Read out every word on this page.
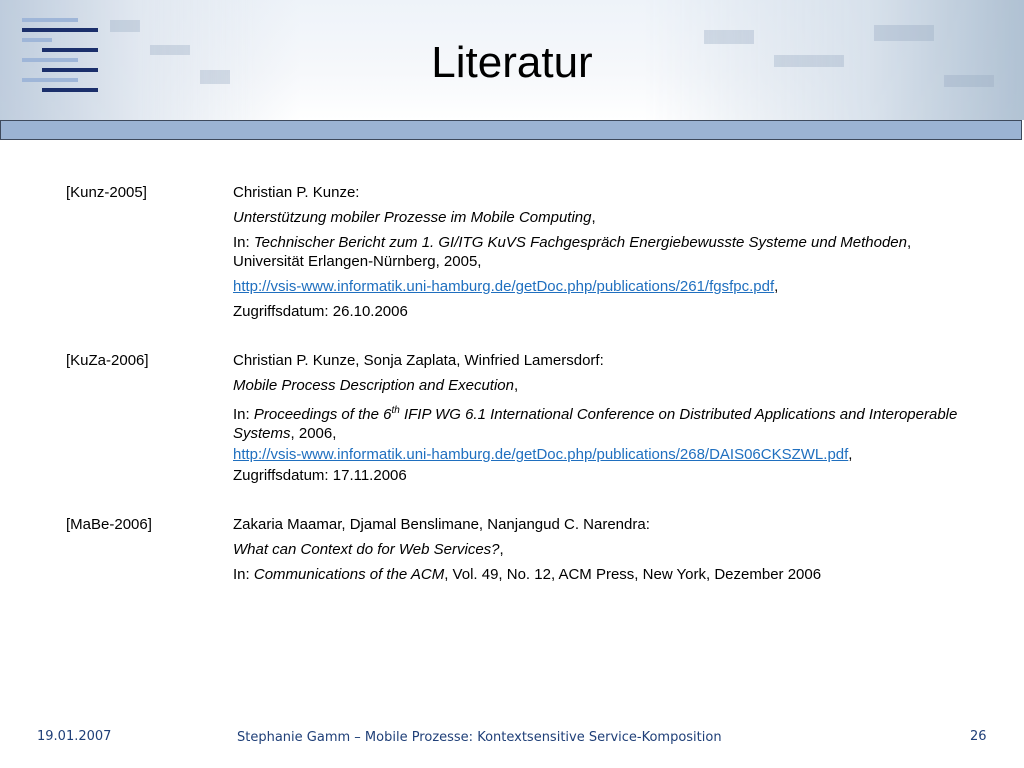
Literatur
[Kunz-2005]	Christian P. Kunze:
Unterstützung mobiler Prozesse im Mobile Computing,
In: Technischer Bericht zum 1. GI/ITG KuVS Fachgespräch Energiebewusste Systeme und Methoden, Universität Erlangen-Nürnberg, 2005,
http://vsis-www.informatik.uni-hamburg.de/getDoc.php/publications/261/fgsfpc.pdf,
Zugriffsdatum: 26.10.2006
[KuZa-2006]	Christian P. Kunze, Sonja Zaplata, Winfried Lamersdorf:
Mobile Process Description and Execution,
In: Proceedings of the 6th IFIP WG 6.1 International Conference on Distributed Applications and Interoperable Systems, 2006,
http://vsis-www.informatik.uni-hamburg.de/getDoc.php/publications/268/DAIS06CKSZWL.pdf,
Zugriffsdatum: 17.11.2006
[MaBe-2006]	Zakaria Maamar, Djamal Benslimane, Nanjangud C. Narendra:
What can Context do for Web Services?,
In: Communications of the ACM, Vol. 49, No. 12, ACM Press, New York, Dezember 2006
19.01.2007	Stephanie Gamm – Mobile Prozesse: Kontextsensitive Service-Komposition	26
